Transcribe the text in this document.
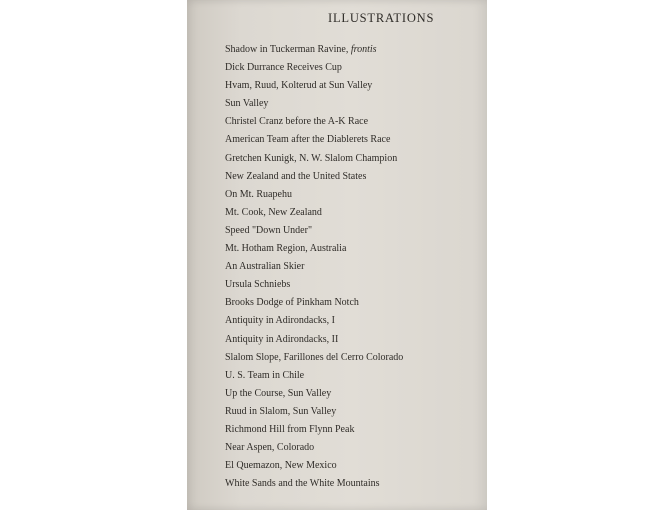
ILLUSTRATIONS
Shadow in Tuckerman Ravine, frontis
Dick Durrance Receives Cup
Hvam, Ruud, Kolterud at Sun Valley
Sun Valley
Christel Cranz before the A-K Race
American Team after the Diablerets Race
Gretchen Kunigk, N. W. Slalom Champion
New Zealand and the United States
On Mt. Ruapehu
Mt. Cook, New Zealand
Speed "Down Under"
Mt. Hotham Region, Australia
An Australian Skier
Ursula Schniebs
Brooks Dodge of Pinkham Notch
Antiquity in Adirondacks, I
Antiquity in Adirondacks, II
Slalom Slope, Farillones del Cerro Colorado
U. S. Team in Chile
Up the Course, Sun Valley
Ruud in Slalom, Sun Valley
Richmond Hill from Flynn Peak
Near Aspen, Colorado
El Quemazon, New Mexico
White Sands and the White Mountains
